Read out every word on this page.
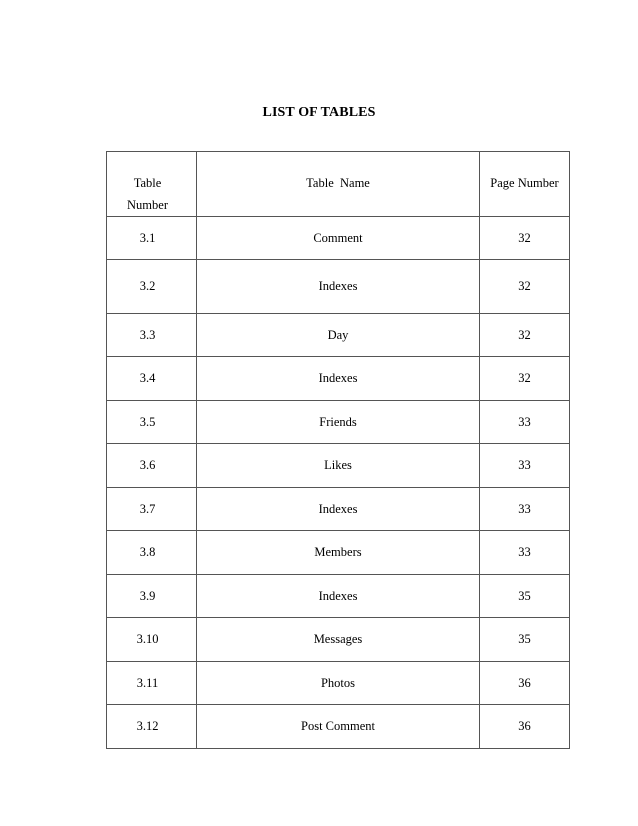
LIST OF TABLES
Table
Number	Table  Name	Page Number

3.1	Comment	32
3.2	Indexes	32
3.3	Day	32
3.4	Indexes	32
3.5	Friends	33
3.6	Likes	33
3.7	Indexes	33
3.8	Members	33
3.9	Indexes	35
3.10	Messages	35
3.11	Photos	36
3.12	Post Comment	36
